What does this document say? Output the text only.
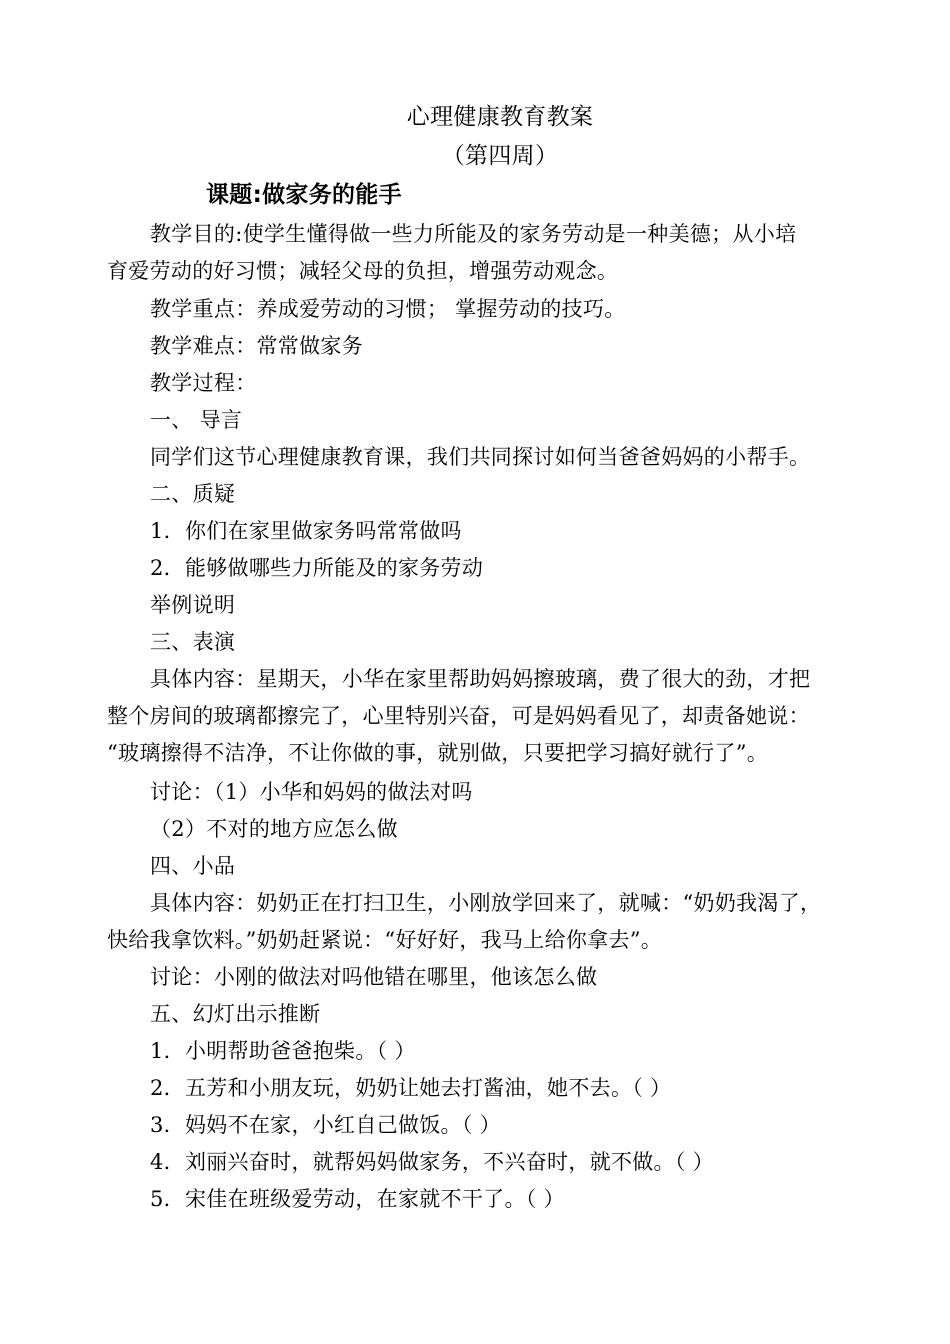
心理健康教育教案
（第四周）
课题:做家务的能手
教学目的:使学生懂得做一些力所能及的家务劳动是一种美德；从小培
育爱劳动的好习惯；减轻父母的负担，增强劳动观念。
教学重点：养成爱劳动的习惯； 掌握劳动的技巧。
教学难点：常常做家务
教学过程：
一、 导言
同学们这节心理健康教育课，我们共同探讨如何当爸爸妈妈的小帮手。
二、质疑
1．你们在家里做家务吗常常做吗
2．能够做哪些力所能及的家务劳动
举例说明
三、表演
具体内容：星期天，小华在家里帮助妈妈擦玻璃，费了很大的劲，才把
整个房间的玻璃都擦完了，心里特别兴奋，可是妈妈看见了，却责备她说：
“玻璃擦得不洁净，不让你做的事，就别做，只要把学习搞好就行了”。
讨论：（1）小华和妈妈的做法对吗
（2）不对的地方应怎么做
四、小品
具体内容：奶奶正在打扫卫生，小刚放学回来了，就喊：“奶奶我渴了，
快给我拿饮料。”奶奶赶紧说：“好好好，我马上给你拿去”。
讨论：小刚的做法对吗他错在哪里，他该怎么做
五、幻灯出示推断
1．小明帮助爸爸抱柴。（ ）
2．五芳和小朋友玩，奶奶让她去打酱油，她不去。（ ）
3．妈妈不在家，小红自己做饭。（ ）
4．刘丽兴奋时，就帮妈妈做家务，不兴奋时，就不做。（ ）
5．宋佳在班级爱劳动，在家就不干了。（ ）
